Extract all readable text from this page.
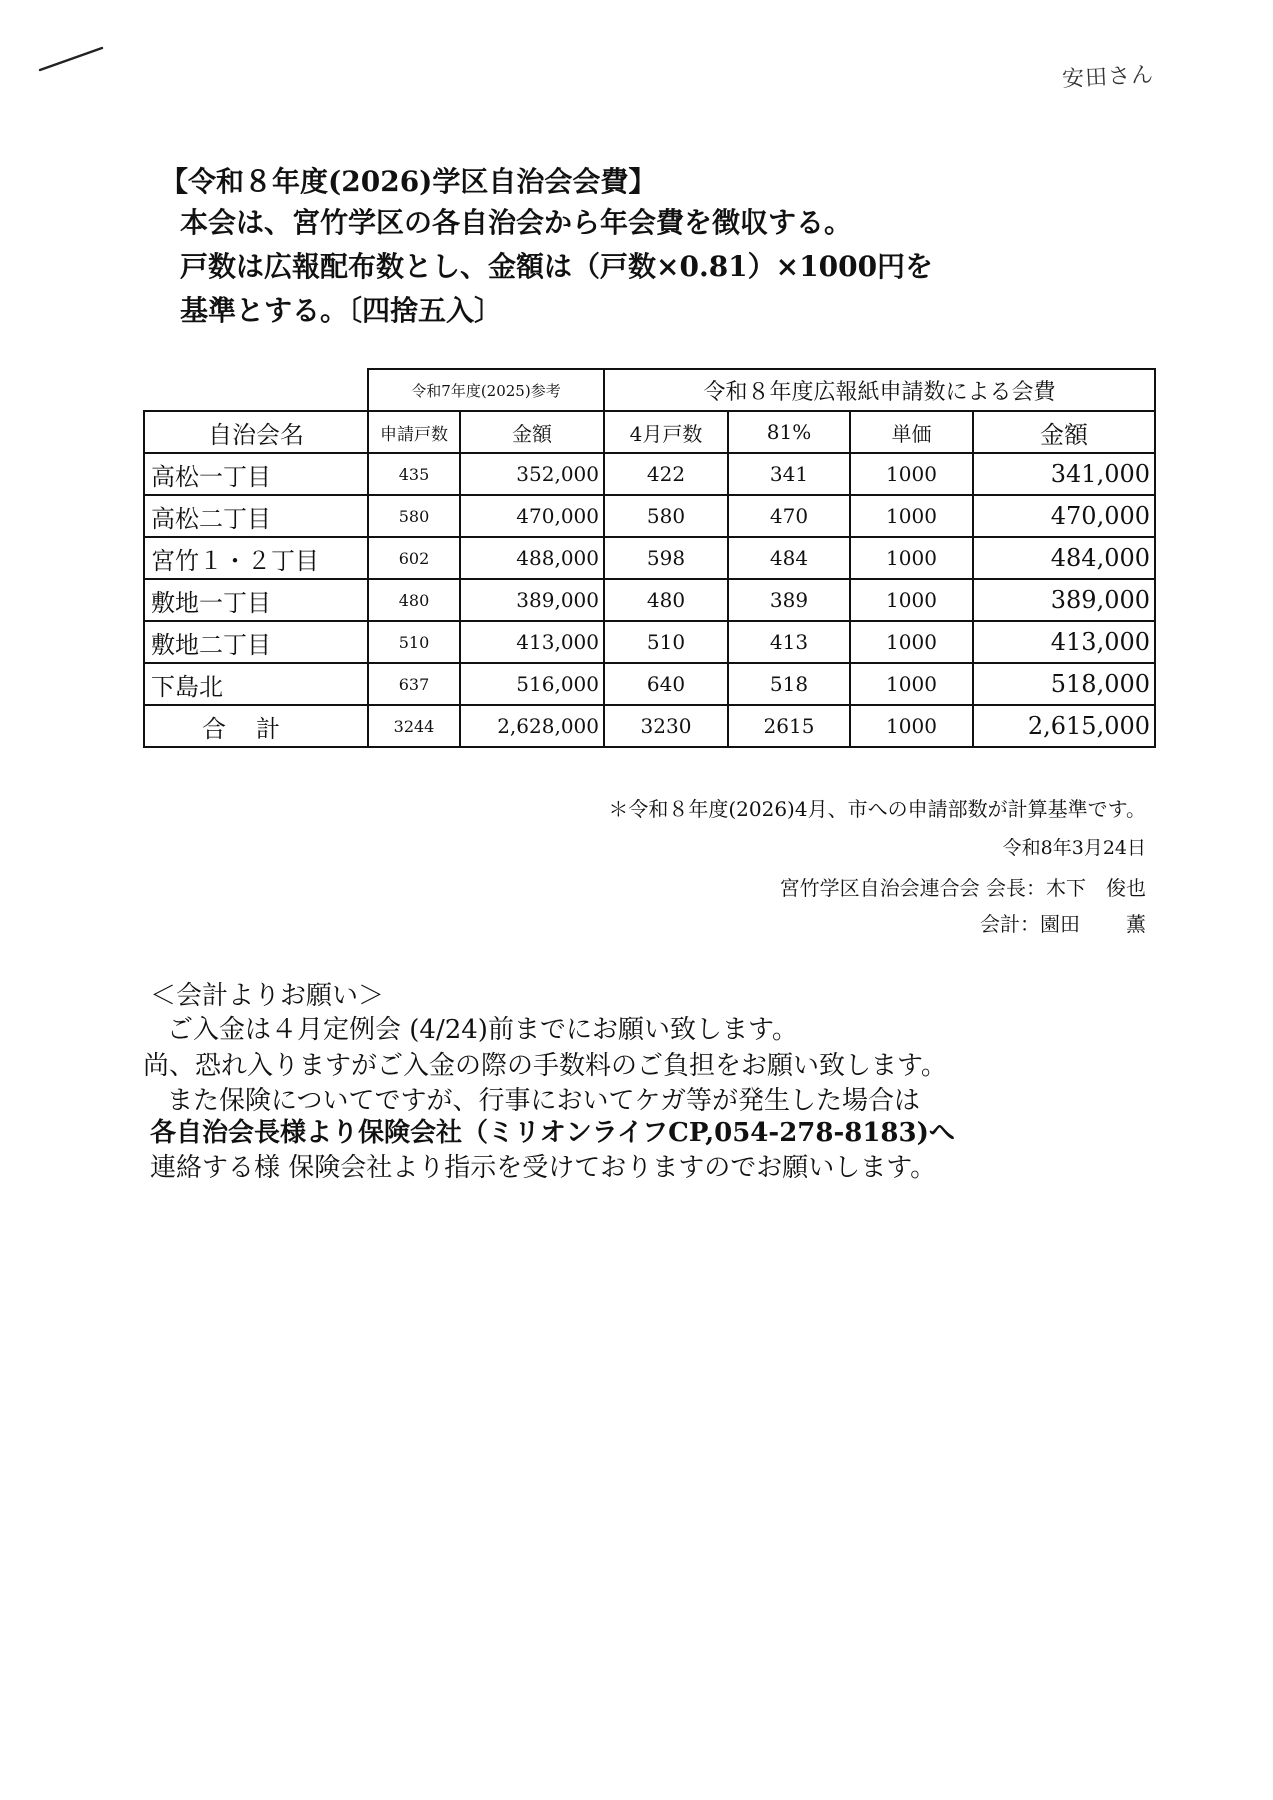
安田さん
【令和８年度(2026)学区自治会会費】
本会は、宮竹学区の各自治会から年会費を徴収する。
戸数は広報配布数とし、金額は（戸数×0.81）×1000円を
基準とする。〔四捨五入〕
	令和7年度(2025)参考		令和８年度広報紙申請数による会費			
自治会名	申請戸数	金額	4月戸数	81%	単価	金額
高松一丁目	435	352,000	422	341	1000	341,000
高松二丁目	580	470,000	580	470	1000	470,000
宮竹１・２丁目	602	488,000	598	484	1000	484,000
敷地一丁目	480	389,000	480	389	1000	389,000
敷地二丁目	510	413,000	510	413	1000	413,000
下島北	637	516,000	640	518	1000	518,000
合計	3244	2,628,000	3230	2615	1000	2,615,000
＊令和８年度(2026)4月、市への申請部数が計算基準です。
令和8年3月24日
宮竹学区自治会連合会 会長：木下　俊也
会計：園田 薫
＜会計よりお願い＞
ご入金は４月定例会 (4/24)前までにお願い致します。
尚、恐れ入りますがご入金の際の手数料のご負担をお願い致します。
また保険についてですが、行事においてケガ等が発生した場合は
各自治会長様より保険会社（ミリオンライフCP,054-278-8183)へ
連絡する様 保険会社より指示を受けておりますのでお願いします。
